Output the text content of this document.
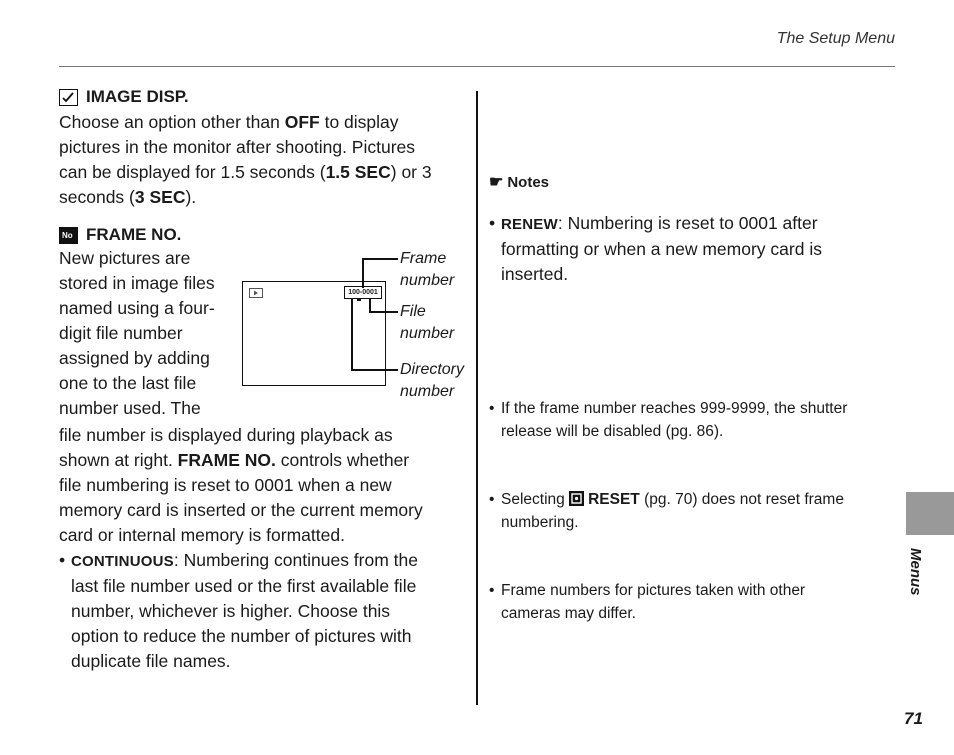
The Setup Menu
Menus
71
IMAGE DISP.
Choose an option other than OFF to display
pictures in the monitor after shooting. Pictures
can be displayed for 1.5 seconds (1.5 SEC) or 3
seconds (3 SEC).
No FRAME NO.
New pictures are
stored in image files
named using a four-
digit file number
assigned by adding
one to the last file
number used. The
file number is displayed during playback as
shown at right. FRAME NO. controls whether
file numbering is reset to 0001 when a new
memory card is inserted or the current memory
card or internal memory is formatted.
• CONTINUOUS: Numbering continues from the
last file number used or the first available file
number, whichever is higher. Choose this
option to reduce the number of pictures with
duplicate file names.
100-0001
Frame
number
File
number
Directory
number
• RENEW: Numbering is reset to 0001 after
formatting or when a new memory card is
inserted.
☛ Notes
• If the frame number reaches 999-9999, the shutter
release will be disabled (pg. 86).
• Selecting
RESET (pg. 70) does not reset frame
numbering.
• Frame numbers for pictures taken with other
cameras may differ.
